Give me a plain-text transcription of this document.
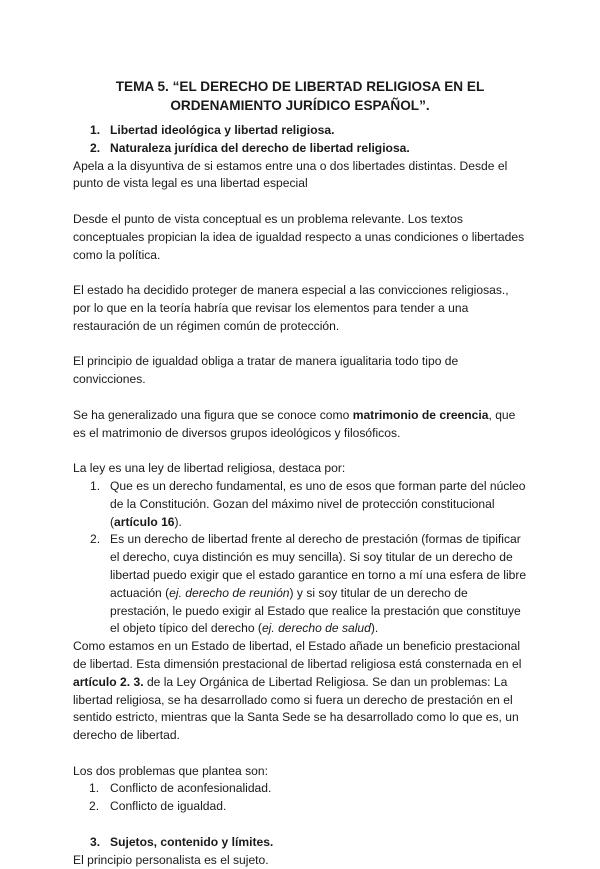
TEMA 5. “EL DERECHO DE LIBERTAD RELIGIOSA EN EL
ORDENAMIENTO JURÍDICO ESPAÑOL”.
1. Libertad ideológica y libertad religiosa.
2. Naturaleza jurídica del derecho de libertad religiosa.

Apela a la disyuntiva de si estamos entre una o dos libertades distintas. Desde el punto de vista legal es una libertad especial

Desde el punto de vista conceptual es un problema relevante. Los textos conceptuales propician la idea de igualdad respecto a unas condiciones o libertades como la política.

El estado ha decidido proteger de manera especial a las convicciones religiosas., por lo que en la teoría habría que revisar los elementos para tender a una restauración de un régimen común de protección.

El principio de igualdad obliga a tratar de manera igualitaria todo tipo de convicciones.

Se ha generalizado una figura que se conoce como matrimonio de creencia, que es el matrimonio de diversos grupos ideológicos y filosóficos.

La ley es una ley de libertad religiosa, destaca por:

1. Que es un derecho fundamental, es uno de esos que forman parte del núcleo de la Constitución. Gozan del máximo nivel de protección constitucional (artículo 16).
2. Es un derecho de libertad frente al derecho de prestación (formas de tipificar el derecho, cuya distinción es muy sencilla). Si soy titular de un derecho de libertad puedo exigir que el estado garantice en torno a mí una esfera de libre actuación (ej. derecho de reunión) y si soy titular de un derecho de prestación, le puedo exigir al Estado que realice la prestación que constituye el objeto típico del derecho (ej. derecho de salud).

Como estamos en un Estado de libertad, el Estado añade un beneficio prestacional de libertad. Esta dimensión prestacional de libertad religiosa está consternada en el artículo 2. 3. de la Ley Orgánica de Libertad Religiosa. Se dan un problemas: La libertad religiosa, se ha desarrollado como si fuera un derecho de prestación en el sentido estricto, mientras que la Santa Sede se ha desarrollado como lo que es, un derecho de libertad.

Los dos problemas que plantea son:

1. Conflicto de aconfesionalidad.
2. Conflicto de igualdad.
3. Sujetos, contenido y límites.

El principio personalista es el sujeto.
